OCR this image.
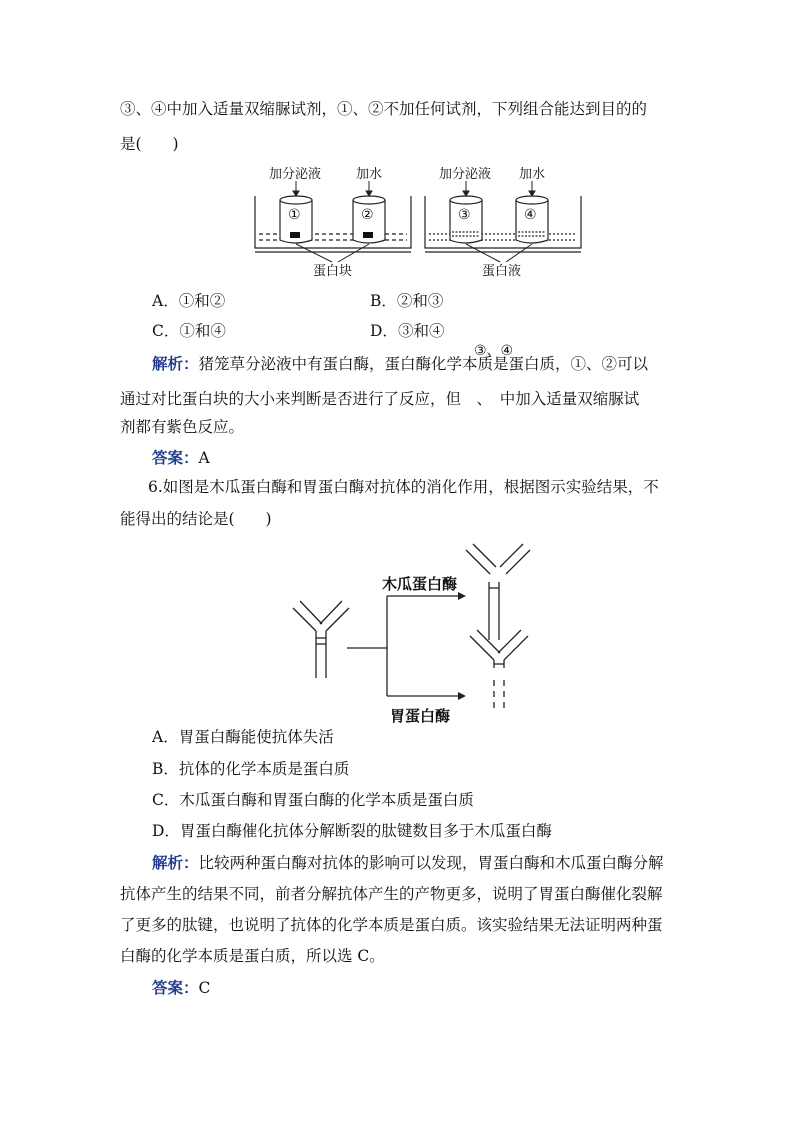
③、④中加入适量双缩脲试剂，①、②不加任何试剂，下列组合能达到目的的
是(　　)
加分泌液	加水	加分泌液 加水
①	②	③	④
蛋白块	蛋白液
A．①和②	B．②和③
C．①和④	D．③和④
解析：猪笼草分泌液中有蛋白酶，蛋白酶化学本质是蛋白质，①、②可以
③、④
通过对比蛋白块的大小来判断是否进行了反应，但　、　中加入适量双缩脲试
剂都有紫色反应。
答案：A
6.如图是木瓜蛋白酶和胃蛋白酶对抗体的消化作用，根据图示实验结果，不
能得出的结论是(　　)
木瓜蛋白酶
胃蛋白酶
A．胃蛋白酶能使抗体失活
B．抗体的化学本质是蛋白质
C．木瓜蛋白酶和胃蛋白酶的化学本质是蛋白质
D．胃蛋白酶催化抗体分解断裂的肽键数目多于木瓜蛋白酶
解析：比较两种蛋白酶对抗体的影响可以发现，胃蛋白酶和木瓜蛋白酶分解
抗体产生的结果不同，前者分解抗体产生的产物更多，说明了胃蛋白酶催化裂解
了更多的肽键，也说明了抗体的化学本质是蛋白质。该实验结果无法证明两种蛋
白酶的化学本质是蛋白质，所以选 C。
答案：C
